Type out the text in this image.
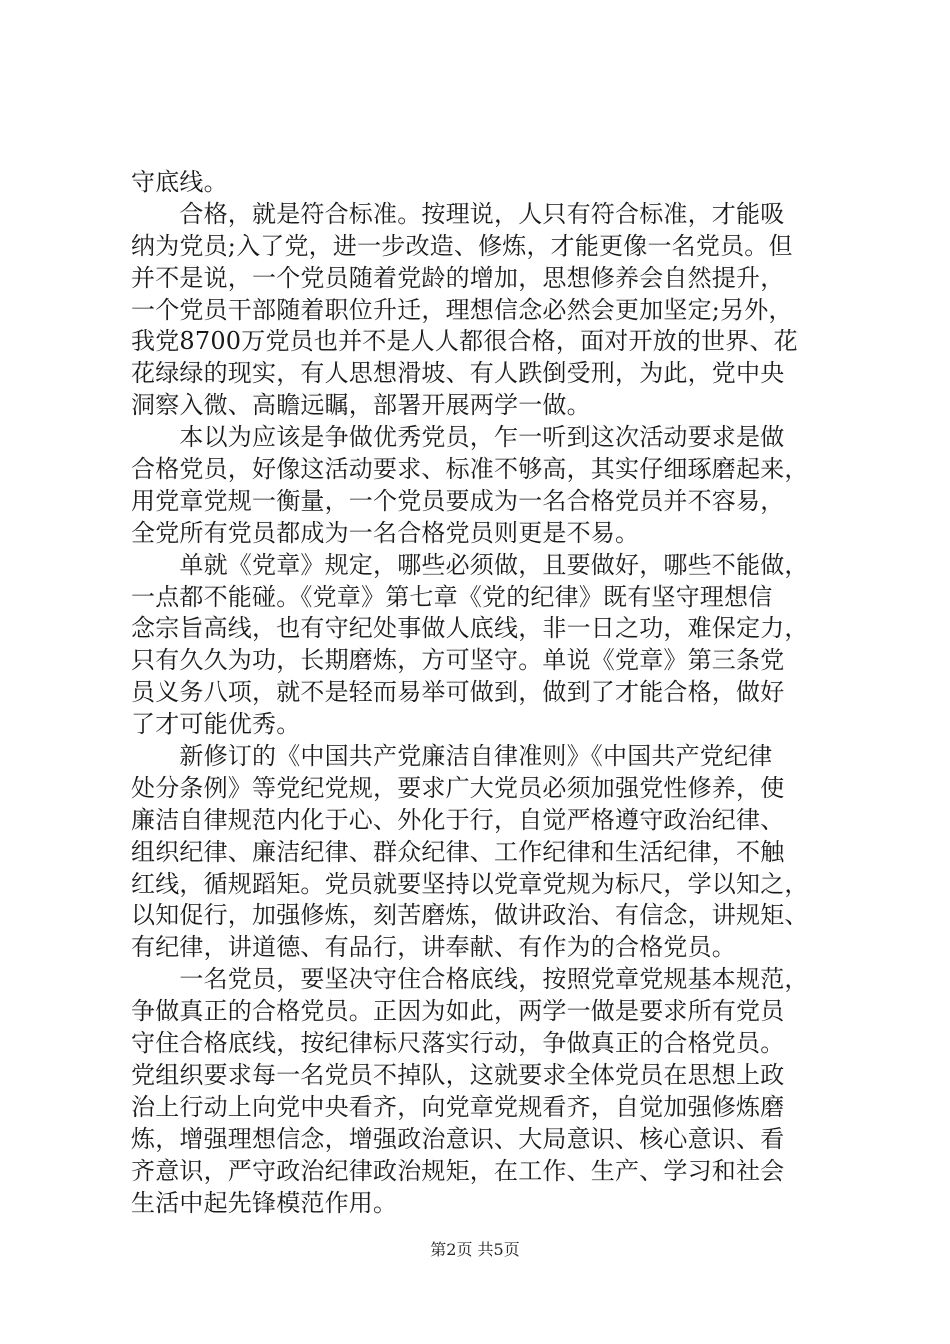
守底线。
　　合格，就是符合标准。按理说，人只有符合标准，才能吸
纳为党员;入了党，进一步改造、修炼，才能更像一名党员。但
并不是说，一个党员随着党龄的增加，思想修养会自然提升，
一个党员干部随着职位升迁，理想信念必然会更加坚定;另外，
我党8700万党员也并不是人人都很合格，面对开放的世界、花
花绿绿的现实，有人思想滑坡、有人跌倒受刑，为此，党中央
洞察入微、高瞻远瞩，部署开展两学一做。
　　本以为应该是争做优秀党员，乍一听到这次活动要求是做
合格党员，好像这活动要求、标准不够高，其实仔细琢磨起来，
用党章党规一衡量，一个党员要成为一名合格党员并不容易，
全党所有党员都成为一名合格党员则更是不易。
　　单就《党章》规定，哪些必须做，且要做好，哪些不能做，
一点都不能碰。《党章》第七章《党的纪律》既有坚守理想信
念宗旨高线，也有守纪处事做人底线，非一日之功，难保定力，
只有久久为功，长期磨炼，方可坚守。单说《党章》第三条党
员义务八项，就不是轻而易举可做到，做到了才能合格，做好
了才可能优秀。
　　新修订的《中国共产党廉洁自律准则》《中国共产党纪律
处分条例》等党纪党规，要求广大党员必须加强党性修养，使
廉洁自律规范内化于心、外化于行，自觉严格遵守政治纪律、
组织纪律、廉洁纪律、群众纪律、工作纪律和生活纪律，不触
红线，循规蹈矩。党员就要坚持以党章党规为标尺，学以知之，
以知促行，加强修炼，刻苦磨炼，做讲政治、有信念，讲规矩、
有纪律，讲道德、有品行，讲奉献、有作为的合格党员。
　　一名党员，要坚决守住合格底线，按照党章党规基本规范，
争做真正的合格党员。正因为如此，两学一做是要求所有党员
守住合格底线，按纪律标尺落实行动，争做真正的合格党员。
党组织要求每一名党员不掉队，这就要求全体党员在思想上政
治上行动上向党中央看齐，向党章党规看齐，自觉加强修炼磨
炼，增强理想信念，增强政治意识、大局意识、核心意识、看
齐意识，严守政治纪律政治规矩，在工作、生产、学习和社会
生活中起先锋模范作用。
第2页 共5页
